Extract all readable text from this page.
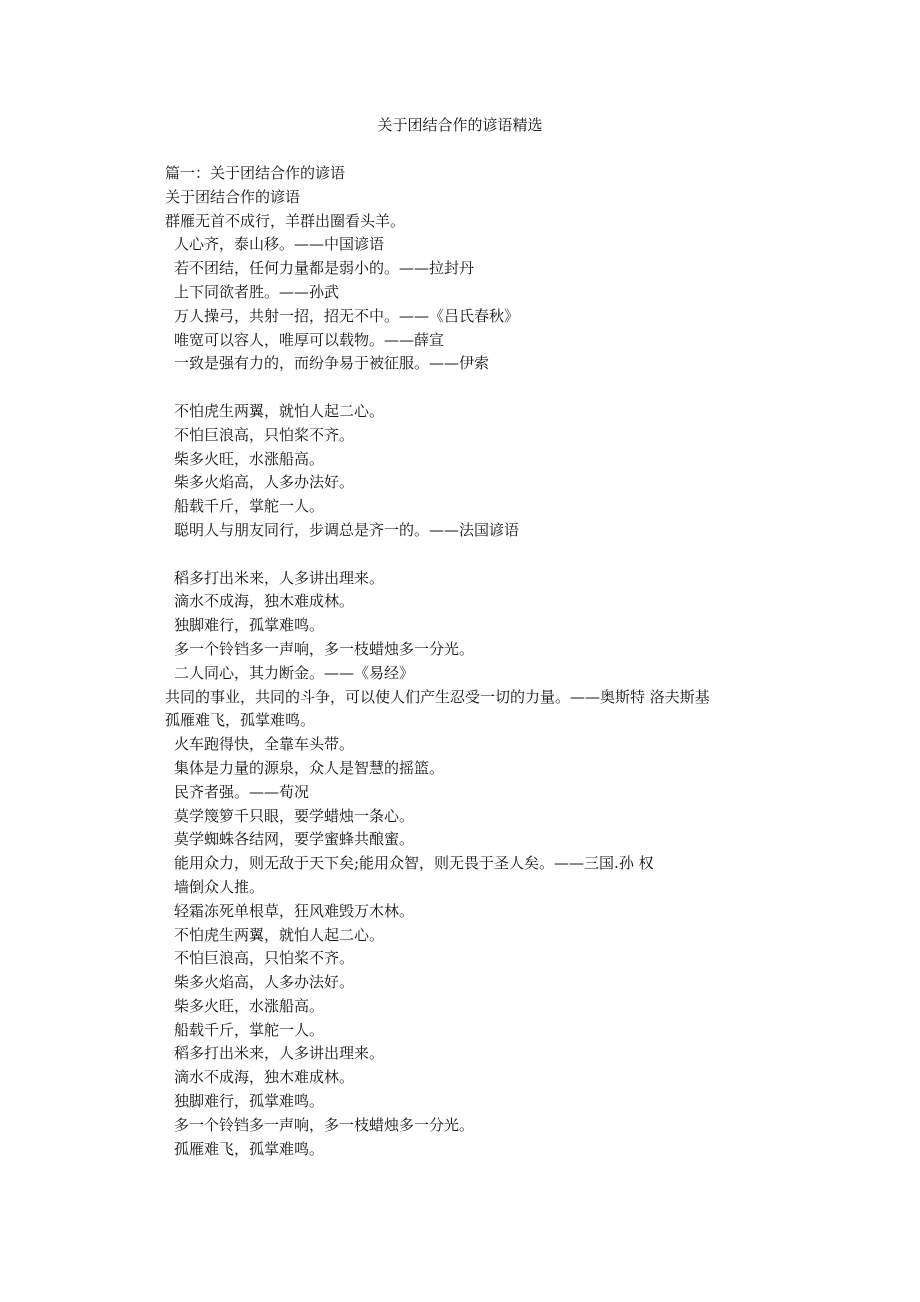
关于团结合作的谚语精选
篇一：关于团结合作的谚语
关于团结合作的谚语
群雁无首不成行，羊群出圈看头羊。
人心齐，泰山移。——中国谚语
若不团结，任何力量都是弱小的。——拉封丹
上下同欲者胜。——孙武
万人操弓，共射一招，招无不中。——《吕氏春秋》
唯宽可以容人，唯厚可以载物。——薛宣
一致是强有力的，而纷争易于被征服。——伊索
不怕虎生两翼，就怕人起二心。
不怕巨浪高，只怕桨不齐。
柴多火旺，水涨船高。
柴多火焰高，人多办法好。
船载千斤，掌舵一人。
聪明人与朋友同行，步调总是齐一的。——法国谚语
稻多打出米来，人多讲出理来。
滴水不成海，独木难成林。
独脚难行，孤掌难鸣。
多一个铃铛多一声响，多一枝蜡烛多一分光。
二人同心，其力断金。——《易经》
共同的事业，共同的斗争，可以使人们产生忍受一切的力量。——奥斯特 洛夫斯基
孤雁难飞，孤掌难鸣。
火车跑得快，全靠车头带。
集体是力量的源泉，众人是智慧的摇篮。
民齐者强。——荀况
莫学篾箩千只眼，要学蜡烛一条心。
莫学蜘蛛各结网，要学蜜蜂共酿蜜。
能用众力，则无敌于天下矣;能用众智，则无畏于圣人矣。——三国.孙 权
墙倒众人推。
轻霜冻死单根草，狂风难毁万木林。
不怕虎生两翼，就怕人起二心。
不怕巨浪高，只怕桨不齐。
柴多火焰高，人多办法好。
柴多火旺，水涨船高。
船载千斤，掌舵一人。
稻多打出米来，人多讲出理来。
滴水不成海，独木难成林。
独脚难行，孤掌难鸣。
多一个铃铛多一声响，多一枝蜡烛多一分光。
孤雁难飞，孤掌难鸣。
